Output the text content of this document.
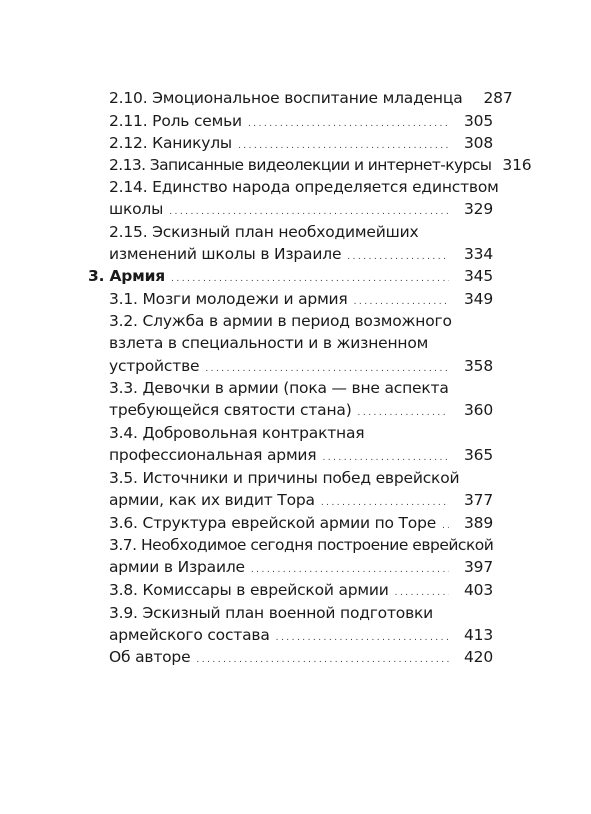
2.10. Эмоциональное воспитание младенца	287
2.11. Роль семьи . . .	305
2.12. Каникулы . . .	308
2.13. Записанные видеолекции и интернет-курсы 316
2.14. Единство народа определяется единством
школы . . .	329
2.15. Эскизный план необходимейших
изменений школы в Израиле . . .	334
3. Армия . . .	345
3.1. Мозги молодежи и армия . . .	349
3.2. Служба в армии в период возможного
взлета в специальности и в жизненном
устройстве . . .	358
3.3. Девочки в армии (пока — вне аспекта
требующейся святости стана) . . .	360
3.4. Добровольная контрактная
профессиональная армия . . .	365
3.5. Источники и причины побед еврейской
армии, как их видит Тора . . .	377
3.6. Структура еврейской армии по Торе . . .	389
3.7. Необходимое сегодня построение еврейской
армии в Израиле . . .	397
3.8. Комиссары в еврейской армии . . .	403
3.9. Эскизный план военной подготовки
армейского состава . . .	413
Об авторе . . .	420
